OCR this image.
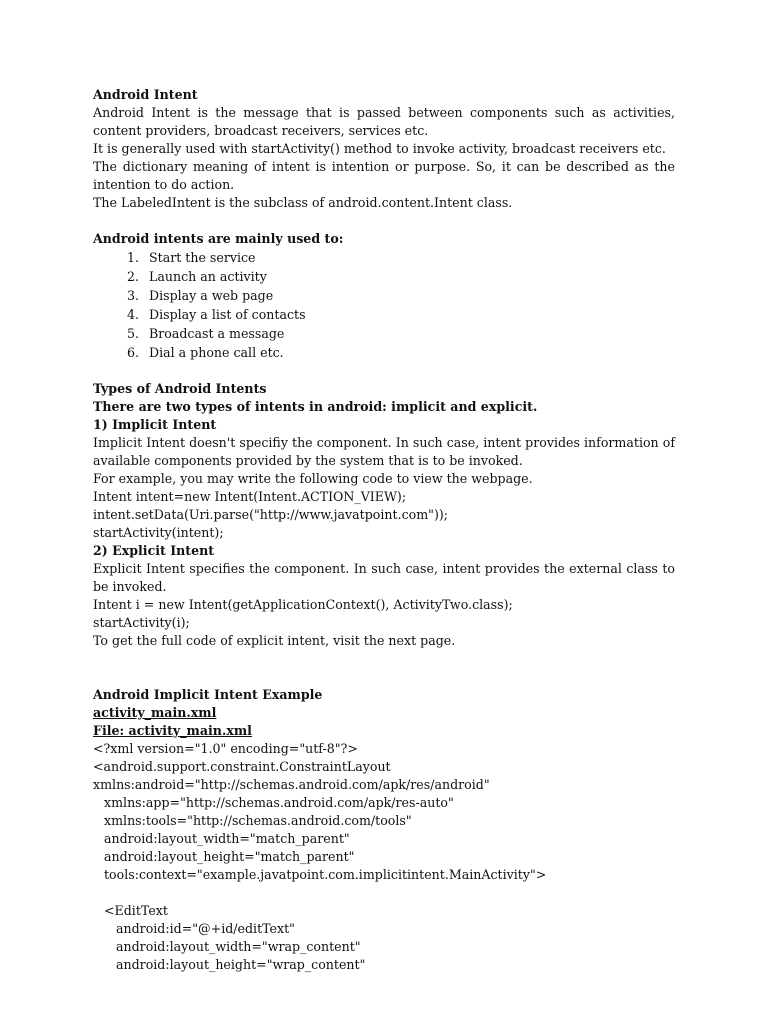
Android Intent

Android Intent is the message that is passed between components such as activities, content providers, broadcast receivers, services etc.

It is generally used with startActivity() method to invoke activity, broadcast receivers etc.

The dictionary meaning of intent is intention or purpose. So, it can be described as the intention to do action.

The LabeledIntent is the subclass of android.content.Intent class.

Android intents are mainly used to:

1. Start the service
2. Launch an activity
3. Display a web page
4. Display a list of contacts
5. Broadcast a message
6. Dial a phone call etc.

Types of Android Intents

There are two types of intents in android: implicit and explicit.

1) Implicit Intent

Implicit Intent doesn't specifiy the component. In such case, intent provides information of available components provided by the system that is to be invoked.

For example, you may write the following code to view the webpage.

Intent intent=new Intent(Intent.ACTION_VIEW);

intent.setData(Uri.parse("http://www.javatpoint.com"));

startActivity(intent);

2) Explicit Intent

Explicit Intent specifies the component. In such case, intent provides the external class to be invoked.

Intent i = new Intent(getApplicationContext(), ActivityTwo.class);

startActivity(i);

To get the full code of explicit intent, visit the next page.

Android Implicit Intent Example

activity_main.xml

File: activity_main.xml

<?xml version="1.0" encoding="utf-8"?>

<android.support.constraint.ConstraintLayout

xmlns:android="http://schemas.android.com/apk/res/android"

xmlns:app="http://schemas.android.com/apk/res-auto"

xmlns:tools="http://schemas.android.com/tools"

android:layout_width="match_parent"

android:layout_height="match_parent"

tools:context="example.javatpoint.com.implicitintent.MainActivity">

<EditText

android:id="@+id/editText"

android:layout_width="wrap_content"

android:layout_height="wrap_content"
